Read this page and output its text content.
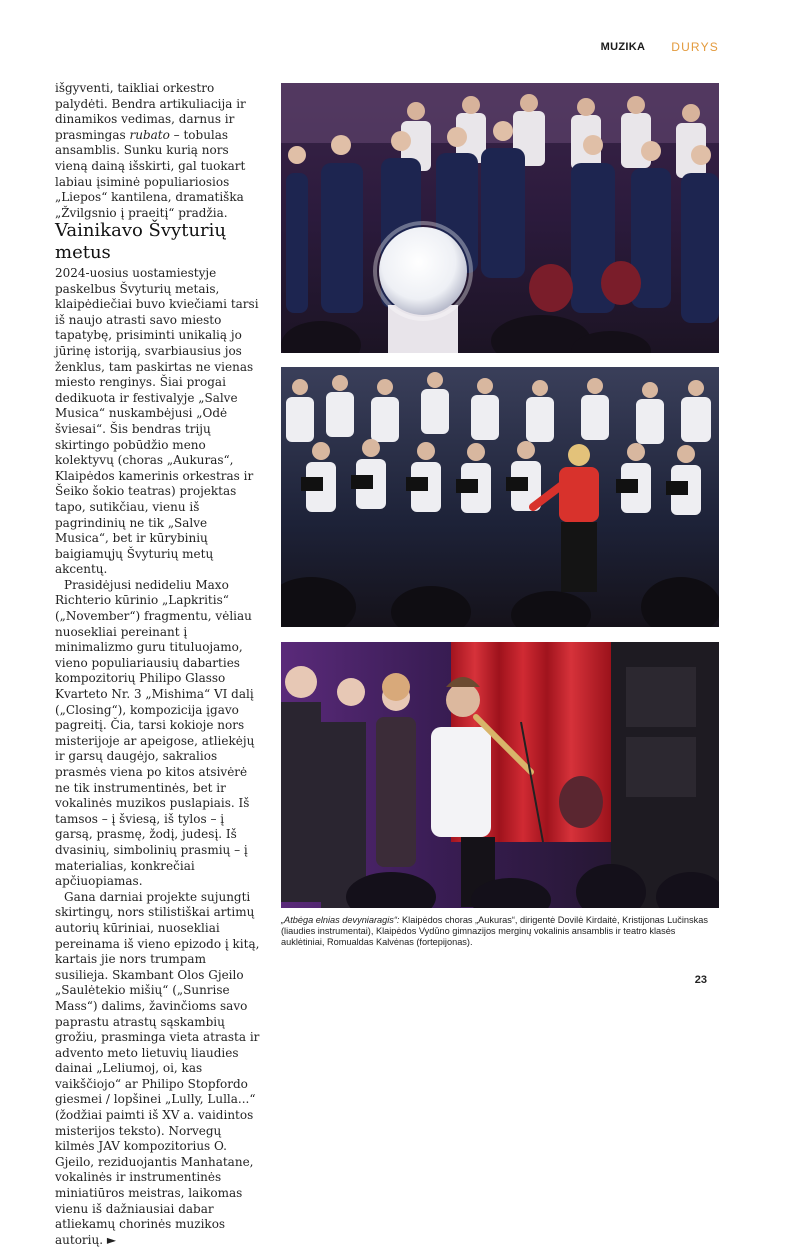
MUZIKA DURYS

išgyventi, taikliai orkestro palydėti. Bendra artikuliacija ir dinamikos vedimas, darnus ir prasmingas rubato – tobulas ansamblis. Sunku kurią nors vieną dainą išskirti, gal tuokart labiau įsiminė populiariosios „Liepos“ kantilena, dramatiška „Žvilgsnio į praeitį“ pradžia.

Vainikavo Švyturių metus

2024-uosius uostamiestyje paskelbus Švyturių metais, klaipėdiečiai buvo kviečiami tarsi iš naujo atrasti savo miesto tapatybę, prisiminti unikalią jo jūrinę istoriją, svarbiausius jos ženklus, tam paskirtas ne vienas miesto renginys. Šiai progai dedikuota ir festivalyje „Salve Musica“ nuskambėjusi „Odė šviesai“. Šis bendras trijų skirtingo pobūdžio meno kolektyvų (choras „Aukuras“, Klaipėdos kamerinis orkestras ir Šeiko šokio teatras) projektas tapo, sutikčiau, vienu iš pagrindinių ne tik „Salve Musica“, bet ir kūrybinių baigiamųjų Švyturių metų akcentų.

Prasidėjusi nedideliu Maxo Richterio kūrinio „Lapkritis“ („November“) fragmentu, vėliau nuosekliai pereinant į minimalizmo guru tituluojamo, vieno populiariausių dabarties kompozitorių Philipo Glasso Kvarteto Nr. 3 „Mishima“ VI dalį („Closing“), kompozicija įgavo pagreitį. Čia, tarsi kokioje nors misterijoje ar apeigose, atliekėjų ir garsų daugėjo, sakralios prasmės viena po kitos atsivėrė ne tik instrumentinės, bet ir vokalinės muzikos puslapiais. Iš tamsos – į šviesą, iš tylos – į garsą, prasmę, žodį, judesį. Iš dvasinių, simbolinių prasmių – į materialias, konkrečiai apčiuopiamas.

Gana darniai projekte sujungti skirtingų, nors stilistiškai artimų autorių kūriniai, nuosekliai pereinama iš vieno epizodo į kitą, kartais jie nors trumpam susilieja. Skambant Olos Gjeilo „Saulėtekio mišių“ („Sunrise Mass“) dalims, žavinčioms savo paprastu atrastų sąskambių grožiu, prasminga vieta atrasta ir advento meto lietuvių liaudies dainai „Leliumoj, oi, kas vaikščiojo“ ar Philipo Stopfordo giesmei / lopšinei „Lully, Lulla...“ (žodžiai paimti iš XV a. vaidintos misterijos teksto). Norvegų kilmės JAV kompozitorius O. Gjeilo, reziduojantis Manhatane, vokalinės ir instrumentinės miniatiūros meistras, laikomas vienu iš dažniausiai dabar atliekamų chorinės muzikos autorių. ►

„Atbėga elnias devyniaragis“: Klaipėdos choras „Aukuras“, dirigentė Dovilė Kirdaitė, Kristijonas Lučinskas (liaudies instrumentai), Klaipėdos Vydūno gimnazijos merginų vokalinis ansamblis ir teatro klasės auklėtiniai, Romualdas Kalvėnas (fortepijonas).
23
